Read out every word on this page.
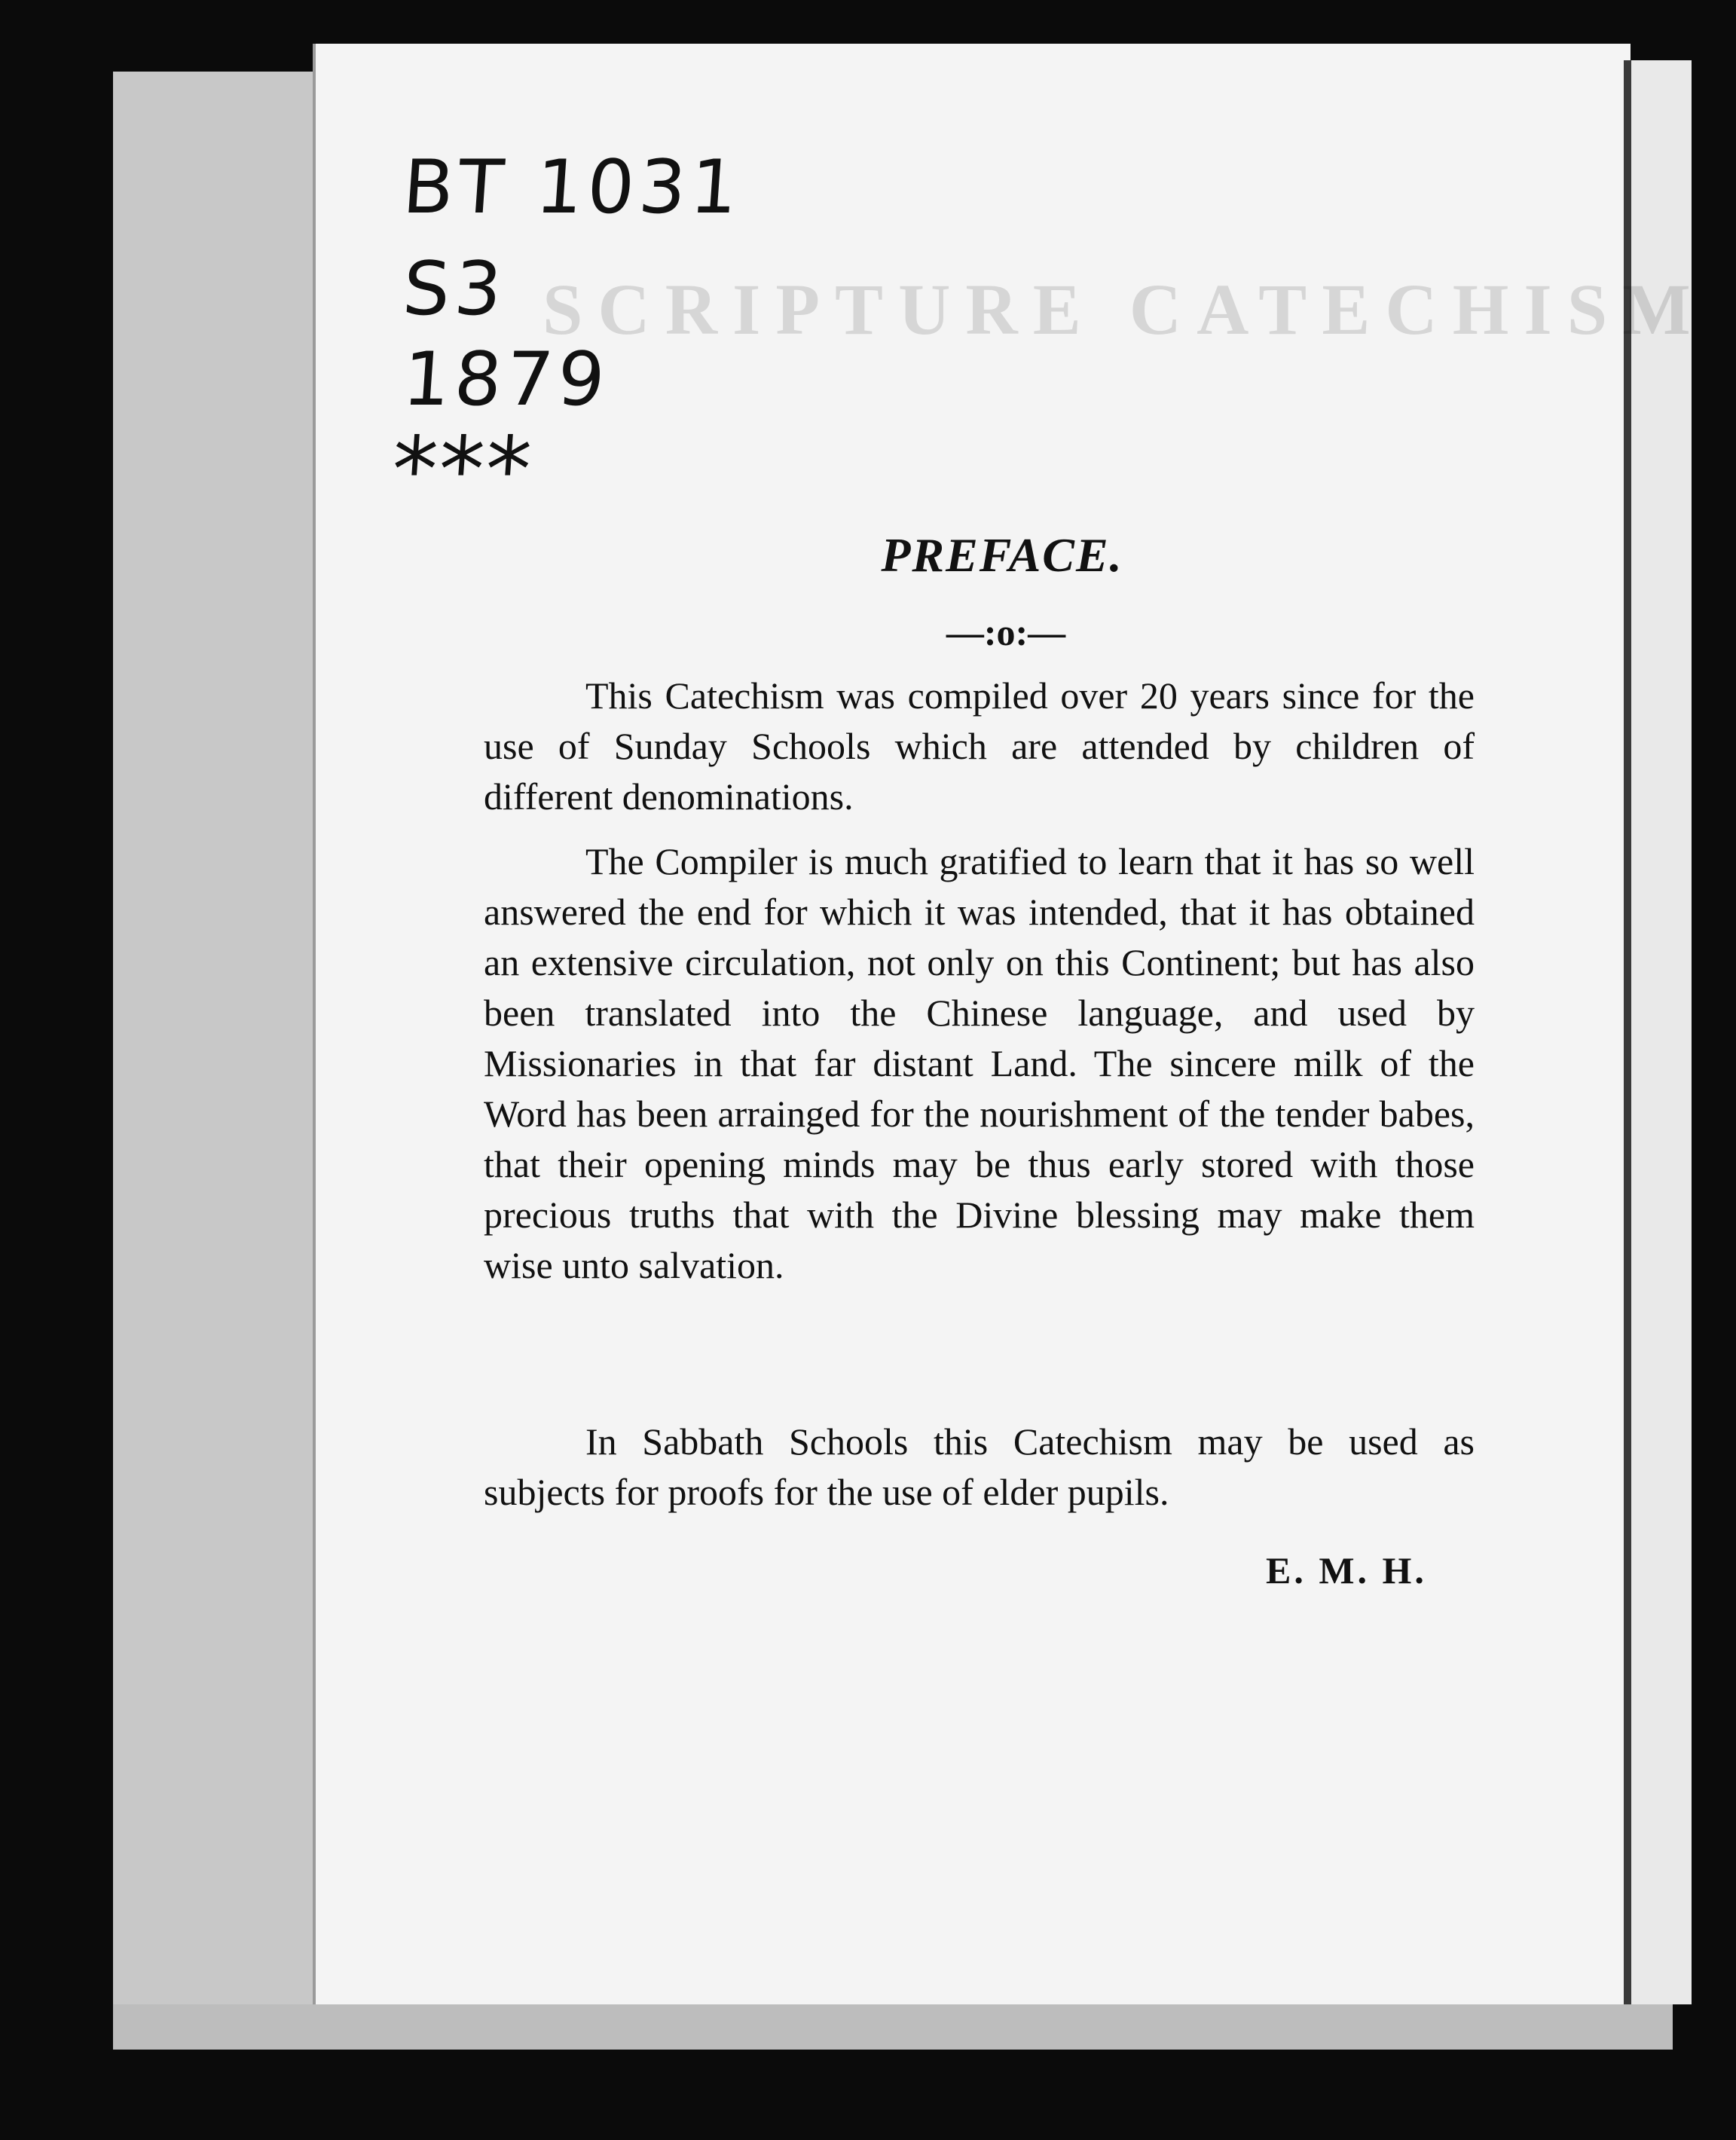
SCRIPTURE CATECHISM
BT 1031
S3
1879
***
PREFACE.
—:o:—

This Catechism was compiled over 20 years since for the use of Sunday Schools which are attended by children of different denominations.

The Compiler is much gratified to learn that it has so well answered the end for which it was intended, that it has obtained an extensive circulation, not only on this Continent; but has also been translated into the Chinese language, and used by Missionaries in that far distant Land. The sincere milk of the Word has been arrainged for the nourishment of the tender babes, that their opening minds may be thus early stored with those precious truths that with the Divine blessing may make them wise unto salvation.

In Sabbath Schools this Catechism may be used as subjects for proofs for the use of elder pupils.

E. M. H.
